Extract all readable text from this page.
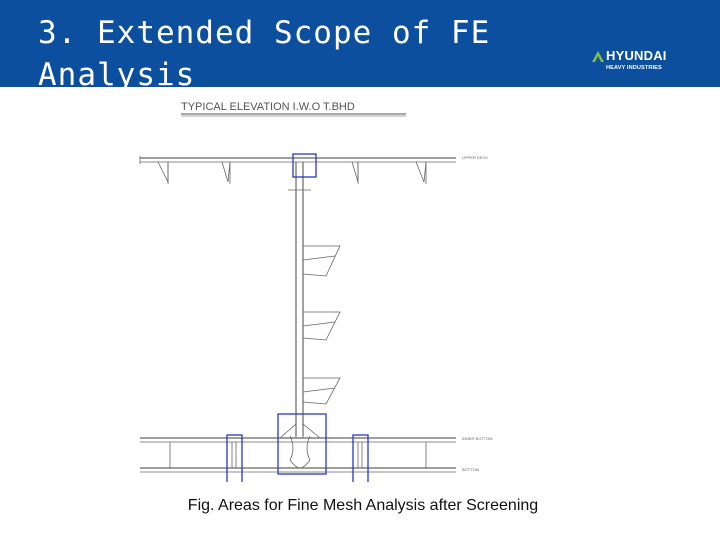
3. Extended Scope of FE
Analysis
HYUNDAI
HEAVY INDUSTRIES
TYPICAL ELEVATION I.W.O T.BHD
UPPER DECK
INNER BOTTOM
BOTTOM
Fig. Areas for Fine Mesh Analysis after Screening
